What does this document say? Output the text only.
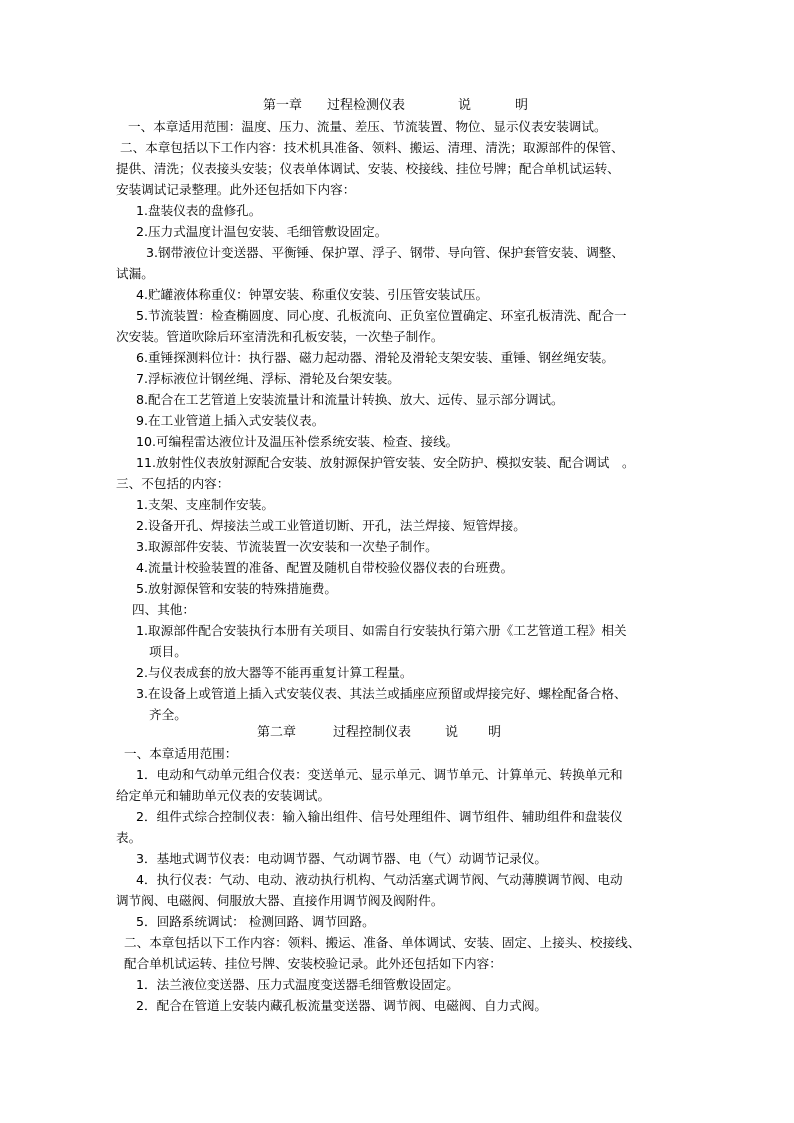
第一章 过程检测仪表	说	明
一、本章适用范围：温度、压力、流量、差压、节流装置、物位、显示仪表安装调试。
二、本章包括以下工作内容：技术机具准备、领料、搬运、清理、清洗；取源部件的保管、
提供、清洗；仪表接头安装；仪表单体调试、安装、校接线、挂位号牌；配合单机试运转、
安装调试记录整理。此外还包括如下内容：
1.盘装仪表的盘修孔。
2.压力式温度计温包安装、毛细管敷设固定。
3.钢带液位计变送器、平衡锤、保护罩、浮子、钢带、导向管、保护套管安装、调整、
试漏。
4.贮罐液体称重仪：钟罩安装、称重仪安装、引压管安装试压。
5.节流装置：检查椭圆度、同心度、孔板流向、正负室位置确定、环室孔板清洗、配合一
次安装。管道吹除后环室清洗和孔板安装，一次垫子制作。
6.重锤探测料位计：执行器、磁力起动器、滑轮及滑轮支架安装、重锤、钢丝绳安装。
7.浮标液位计钢丝绳、浮标、滑轮及台架安装。
8.配合在工艺管道上安装流量计和流量计转换、放大、远传、显示部分调试。
9.在工业管道上插入式安装仪表。
10.可编程雷达液位计及温压补偿系统安装、检查、接线。
11.放射性仪表放射源配合安装、放射源保护管安装、安全防护、模拟安装、配合调试　。
三、不包括的内容：
1.支架、支座制作安装。
2.设备开孔、焊接法兰或工业管道切断、开孔，法兰焊接、短管焊接。
3.取源部件安装、节流装置一次安装和一次垫子制作。
4.流量计校验装置的准备、配置及随机自带校验仪器仪表的台班费。
5.放射源保管和安装的特殊措施费。
四、其他：
1.取源部件配合安装执行本册有关项目、如需自行安装执行第六册《工艺管道工程》相关
项目。
2.与仪表成套的放大器等不能再重复计算工程量。
3.在设备上或管道上插入式安装仪表、其法兰或插座应预留或焊接完好、螺栓配备合格、
齐全。
第二章	过程控制仪表	说 明
一、本章适用范围：
1．电动和气动单元组合仪表：变送单元、显示单元、调节单元、计算单元、转换单元和
给定单元和辅助单元仪表的安装调试。
2．组件式综合控制仪表：输入输出组件、信号处理组件、调节组件、辅助组件和盘装仪
表。
3．基地式调节仪表：电动调节器、气动调节器、电（气）动调节记录仪。
4．执行仪表：气动、电动、液动执行机构、气动活塞式调节阀、气动薄膜调节阀、电动
调节阀、电磁阀、伺服放大器、直接作用调节阀及阀附件。
5．回路系统调试： 检测回路、调节回路。
二、本章包括以下工作内容：领料、搬运、准备、单体调试、安装、固定、上接头、校接线、
配合单机试运转、挂位号牌、安装校验记录。此外还包括如下内容：
1．法兰液位变送器、压力式温度变送器毛细管敷设固定。
2．配合在管道上安装内藏孔板流量变送器、调节阀、电磁阀、自力式阀。
